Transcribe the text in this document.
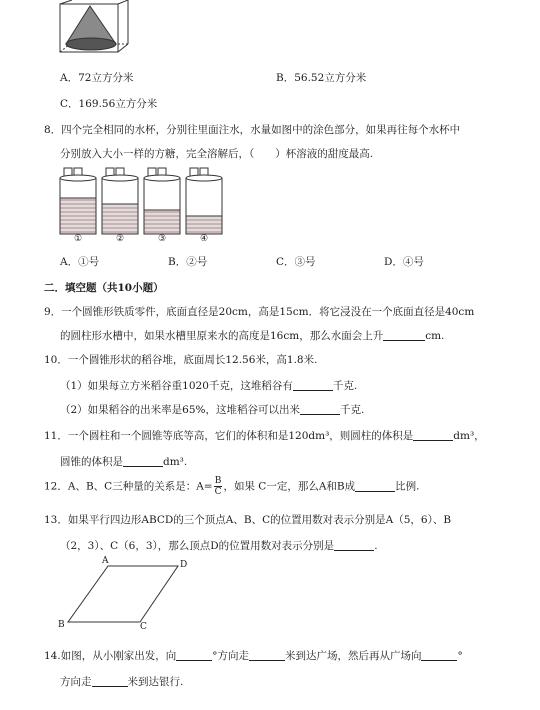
A．72立方分米	B．56.52立方分米
C．169.56立方分米
8．四个完全相同的水杯，分别往里面注水，水量如图中的涂色部分，如果再往每个水杯中
分别放入大小一样的方糖，完全溶解后，（　　）杯溶液的甜度最高.
①	②	③	④
A．①号	B．②号	C．③号	D．④号
二．填空题（共10小题）
9．一个圆锥形铁质零件，底面直径是20cm，高是15cm．将它浸没在一个底面直径是40cm
的圆柱形水槽中，如果水槽里原来水的高度是16cm，那么水面会上升	cm.
10．一个圆锥形状的稻谷堆，底面周长12.56米，高1.8米.
（1）如果每立方米稻谷重1020千克，这堆稻谷有	千克.
（2）如果稻谷的出米率是65%，这堆稻谷可以出米	千克.
11．一个圆柱和一个圆锥等底等高，它们的体积和是120dm³，则圆柱的体积是	dm³，
圆锥的体积是	dm³.
12．A、B、C三种量的关系是：$A= \frac{B}{C}$ ，如果 C一定，那么A和B成	比例.
13．如果平行四边形ABCD的三个顶点A、B、C的位置用数对表示分别是A（5，6）、B
（2，3）、C（6，3），那么顶点D的位置用数对表示分别是	.
A	D
B	C
14.如图，从小刚家出发，向	°方向走	米到达广场，然后再从广场向	°
方向走	米到达银行.
